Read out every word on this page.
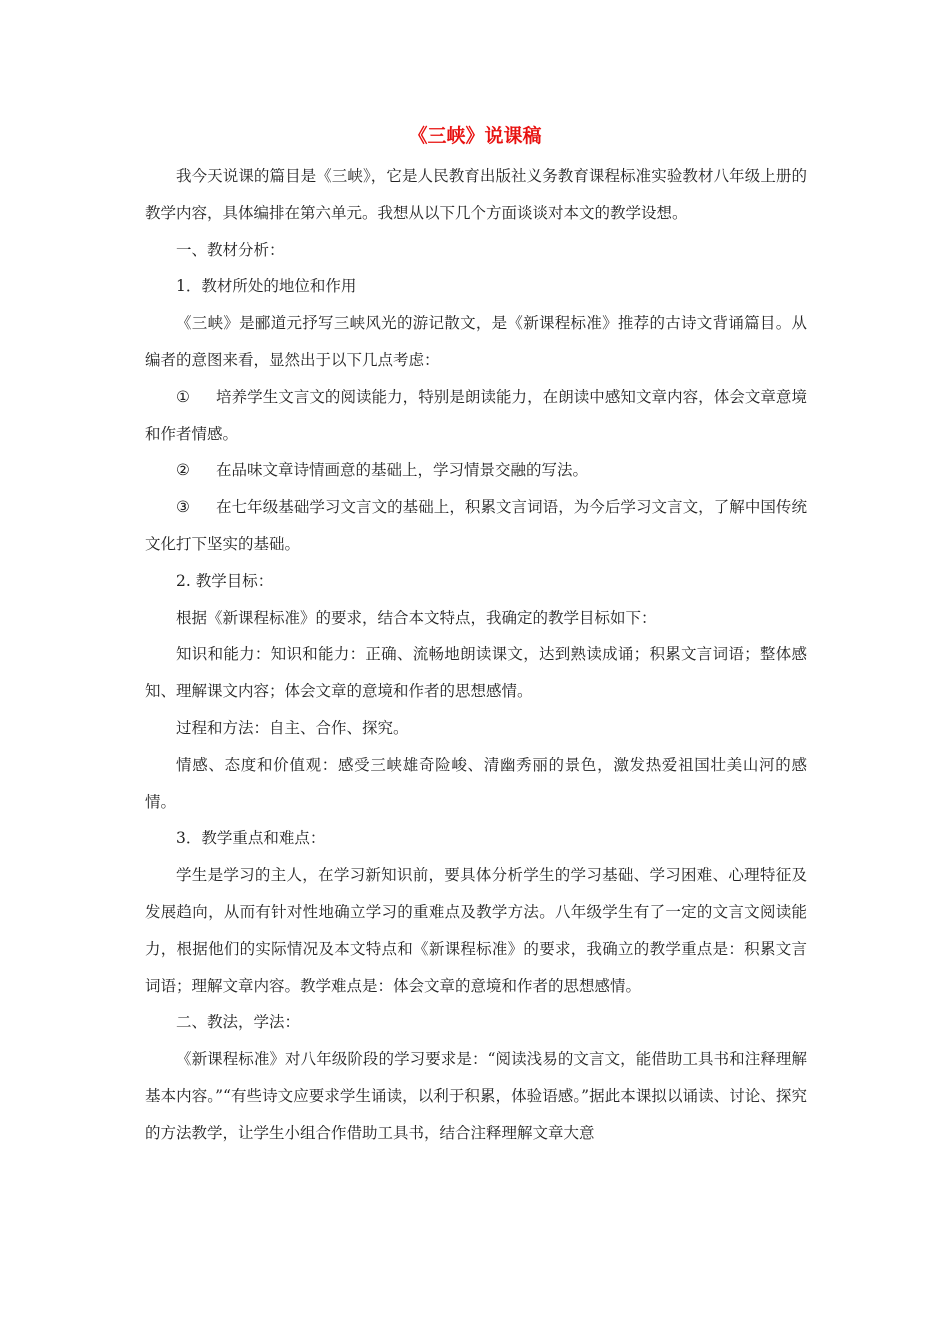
《三峡》说课稿

我今天说课的篇目是《三峡》，它是人民教育出版社义务教育课程标准实验教材八年级上册的教学内容，具体编排在第六单元。我想从以下几个方面谈谈对本文的教学设想。

一、教材分析：

1．教材所处的地位和作用

《三峡》是郦道元抒写三峡风光的游记散文，是《新课程标准》推荐的古诗文背诵篇目。从编者的意图来看，显然出于以下几点考虑：

① 培养学生文言文的阅读能力，特别是朗读能力，在朗读中感知文章内容，体会文章意境和作者情感。

② 在品味文章诗情画意的基础上，学习情景交融的写法。

③ 在七年级基础学习文言文的基础上，积累文言词语，为今后学习文言文，了解中国传统文化打下坚实的基础。

2. 教学目标：

根据《新课程标准》的要求，结合本文特点，我确定的教学目标如下：

知识和能力：知识和能力：正确、流畅地朗读课文，达到熟读成诵；积累文言词语；整体感知、理解课文内容；体会文章的意境和作者的思想感情。

过程和方法：自主、合作、探究。

情感、态度和价值观：感受三峡雄奇险峻、清幽秀丽的景色，激发热爱祖国壮美山河的感情。

3．教学重点和难点：

学生是学习的主人，在学习新知识前，要具体分析学生的学习基础、学习困难、心理特征及发展趋向，从而有针对性地确立学习的重难点及教学方法。八年级学生有了一定的文言文阅读能力，根据他们的实际情况及本文特点和《新课程标准》的要求，我确立的教学重点是：积累文言词语；理解文章内容。教学难点是：体会文章的意境和作者的思想感情。

二、教法，学法：

《新课程标准》对八年级阶段的学习要求是：“阅读浅易的文言文，能借助工具书和注释理解基本内容。”“有些诗文应要求学生诵读，以利于积累，体验语感。”据此本课拟以诵读、讨论、探究的方法教学，让学生小组合作借助工具书，结合注释理解文章大意
